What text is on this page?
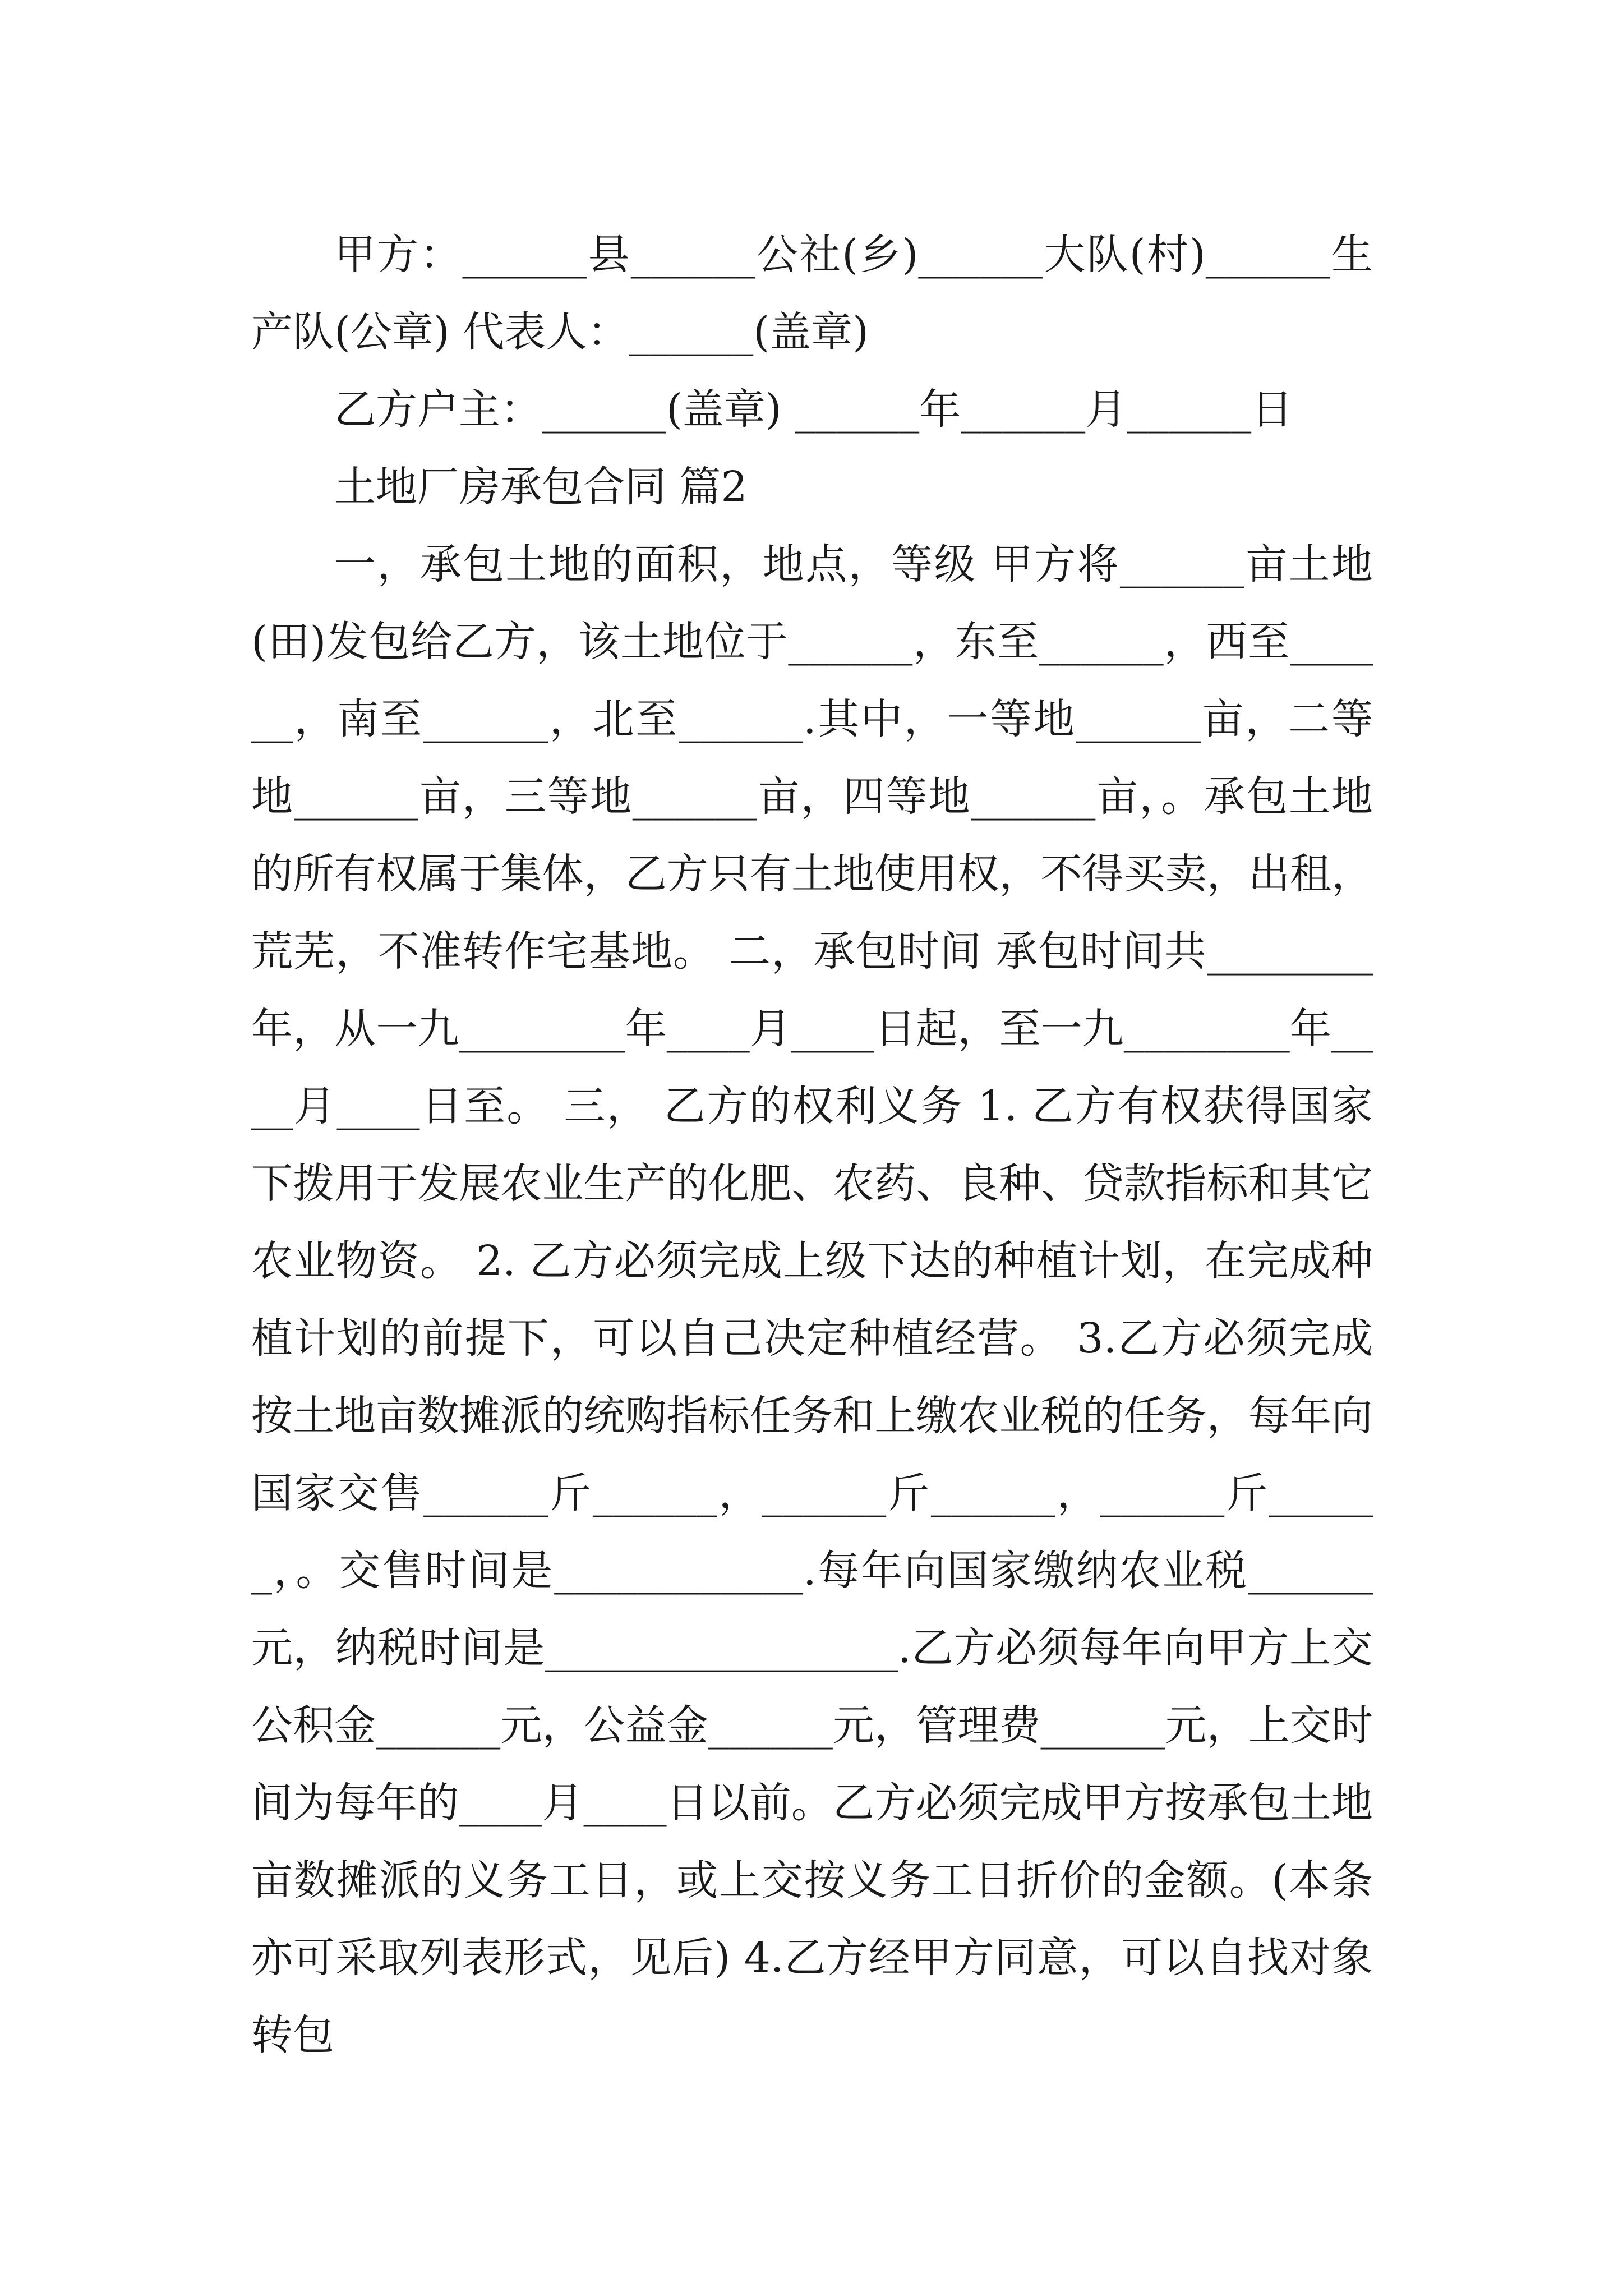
甲方：______县______公社(乡)______大队(村)______生产队(公章) 代表人：______(盖章)

乙方户主：______(盖章) ______年______月______日

土地厂房承包合同 篇2

一，承包土地的面积，地点，等级 甲方将______亩土地(田)发包给乙方，该土地位于______，东至______，西至______，南至______，北至______.其中，一等地______亩，二等地______亩，三等地______亩，四等地______亩，。承包土地的所有权属于集体，乙方只有土地使用权，不得买卖，出租，荒芜，不准转作宅基地。 二，承包时间 承包时间共________年，从一九________年____月____日起，至一九________年____月____日至。 三， 乙方的权利义务 1. 乙方有权获得国家下拨用于发展农业生产的化肥、农药、良种、贷款指标和其它农业物资。 2. 乙方必须完成上级下达的种植计划，在完成种植计划的前提下，可以自己决定种植经营。 3.乙方必须完成按土地亩数摊派的统购指标任务和上缴农业税的任务，每年向国家交售______斤______，______斤______，______斤______，。交售时间是____________.每年向国家缴纳农业税______元，纳税时间是_________________.乙方必须每年向甲方上交公积金______元，公益金______元，管理费______元，上交时间为每年的____月____日以前。乙方必须完成甲方按承包土地亩数摊派的义务工日，或上交按义务工日折价的金额。(本条亦可采取列表形式，见后) 4.乙方经甲方同意，可以自找对象转包
